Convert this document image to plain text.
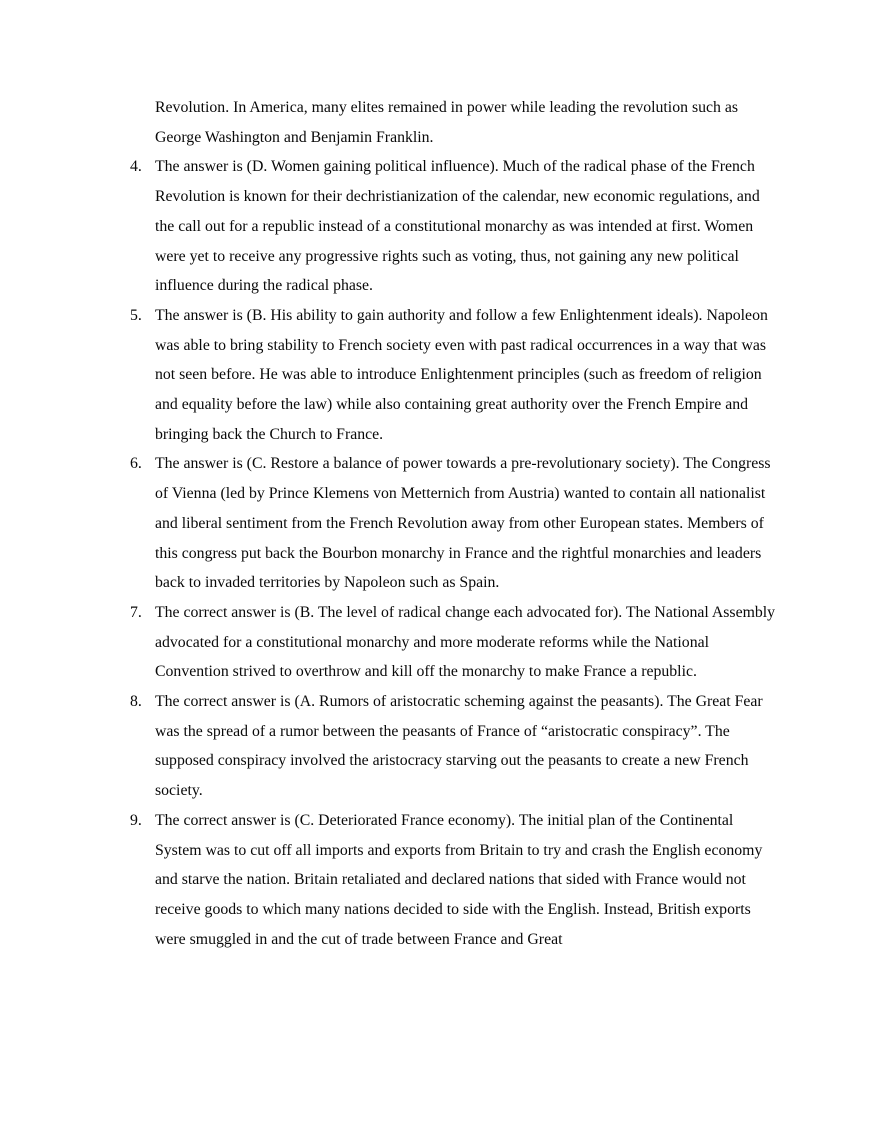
Revolution. In America, many elites remained in power while leading the revolution such as George Washington and Benjamin Franklin.

4. The answer is (D. Women gaining political influence). Much of the radical phase of the French Revolution is known for their dechristianization of the calendar, new economic regulations, and the call out for a republic instead of a constitutional monarchy as was intended at first. Women were yet to receive any progressive rights such as voting, thus, not gaining any new political influence during the radical phase.
5. The answer is (B. His ability to gain authority and follow a few Enlightenment ideals). Napoleon was able to bring stability to French society even with past radical occurrences in a way that was not seen before. He was able to introduce Enlightenment principles (such as freedom of religion and equality before the law) while also containing great authority over the French Empire and bringing back the Church to France.
6. The answer is (C. Restore a balance of power towards a pre-revolutionary society). The Congress of Vienna (led by Prince Klemens von Metternich from Austria) wanted to contain all nationalist and liberal sentiment from the French Revolution away from other European states. Members of this congress put back the Bourbon monarchy in France and the rightful monarchies and leaders back to invaded territories by Napoleon such as Spain.
7. The correct answer is (B. The level of radical change each advocated for). The National Assembly advocated for a constitutional monarchy and more moderate reforms while the National Convention strived to overthrow and kill off the monarchy to make France a republic.
8. The correct answer is (A. Rumors of aristocratic scheming against the peasants). The Great Fear was the spread of a rumor between the peasants of France of “aristocratic conspiracy”. The supposed conspiracy involved the aristocracy starving out the peasants to create a new French society.
9. The correct answer is (C. Deteriorated France economy). The initial plan of the Continental System was to cut off all imports and exports from Britain to try and crash the English economy and starve the nation. Britain retaliated and declared nations that sided with France would not receive goods to which many nations decided to side with the English. Instead, British exports were smuggled in and the cut of trade between France and Great
